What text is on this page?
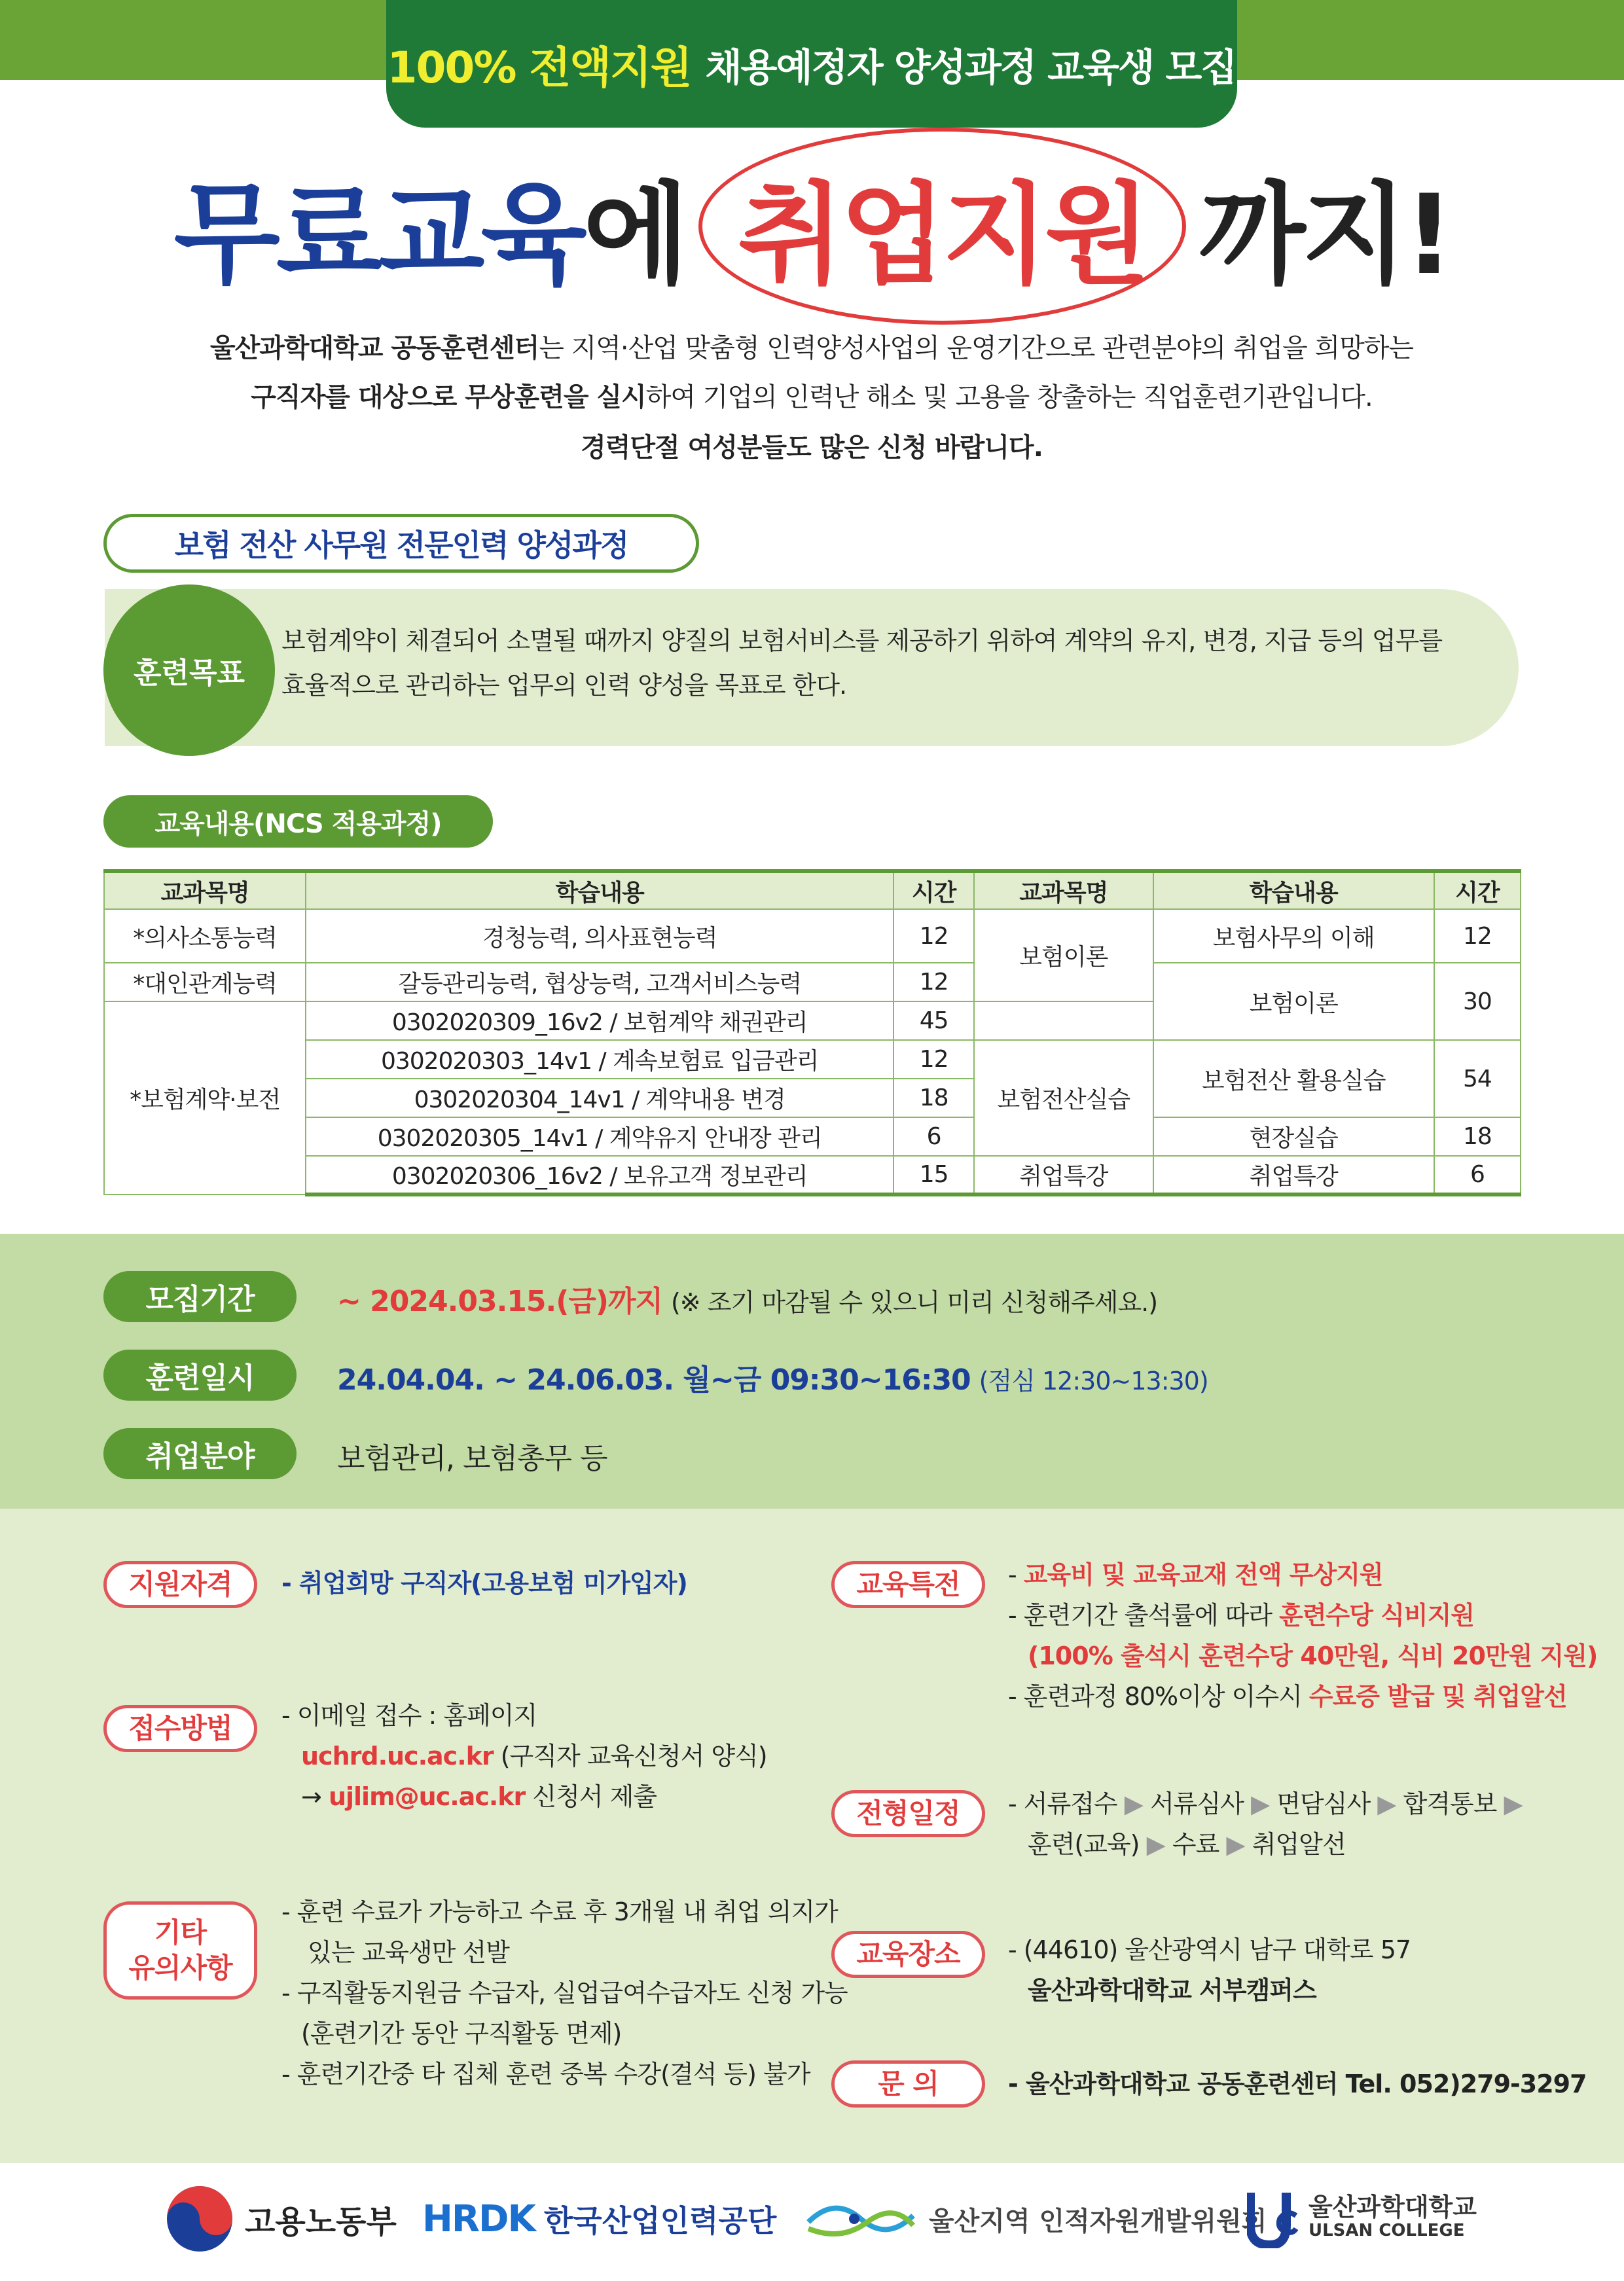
100% 전액지원 채용예정자 양성과정 교육생 모집
무료교육 에 취업지원 까지!
울산과학대학교 공동훈련센터는 지역·산업 맞춤형 인력양성사업의 운영기간으로 관련분야의 취업을 희망하는
구직자를 대상으로 무상훈련을 실시하여 기업의 인력난 해소 및 고용을 창출하는 직업훈련기관입니다.
경력단절 여성분들도 많은 신청 바랍니다.
보험 전산 사무원 전문인력 양성과정
훈련목표
보험계약이 체결되어 소멸될 때까지 양질의 보험서비스를 제공하기 위하여 계약의 유지, 변경, 지급 등의 업무를
효율적으로 관리하는 업무의 인력 양성을 목표로 한다.
교육내용(NCS 적용과정)
교과목명	학습내용	시간	교과목명	학습내용	시간
*의사소통능력	경청능력, 의사표현능력	12	보험이론	보험사무의 이해	12
*대인관계능력	갈등관리능력, 협상능력, 고객서비스능력	12		보험이론	30
*보험계약·보전	0302020309_16v2 / 보험계약 채권관리	45			
	0302020303_14v1 / 계속보험료 입금관리	12	보험전산실습	보험전산 활용실습	54
	0302020304_14v1 / 계약내용 변경	18			
	0302020305_14v1 / 계약유지 안내장 관리	6		현장실습	18
	0302020306_16v2 / 보유고객 정보관리	15	취업특강	취업특강	6
모집기간	~ 2024.03.15.(금)까지 (※ 조기 마감될 수 있으니 미리 신청해주세요.)
훈련일시	24.04.04. ~ 24.06.03. 월~금 09:30~16:30 (점심 12:30~13:30)
취업분야	보험관리, 보험총무 등
지원자격	- 취업희망 구직자(고용보험 미가입자)
접수방법	- 이메일 접수 : 홈페이지
uchrd.uc.ac.kr (구직자 교육신청서 양식)
→ ujlim@uc.ac.kr 신청서 제출
기타
유의사항
- 훈련 수료가 가능하고 수료 후 3개월 내 취업 의지가
있는 교육생만 선발
- 구직활동지원금 수급자, 실업급여수급자도 신청 가능
(훈련기간 동안 구직활동 면제)
- 훈련기간중 타 집체 훈련 중복 수강(결석 등) 불가
교육특전	- 교육비 및 교육교재 전액 무상지원
- 훈련기간 출석률에 따라 훈련수당 식비지원
(100% 출석시 훈련수당 40만원, 식비 20만원 지원)
- 훈련과정 80%이상 이수시 수료증 발급 및 취업알선
전형일정	- 서류접수 ▶ 서류심사 ▶ 면담심사 ▶ 합격통보 ▶
훈련(교육) ▶ 수료 ▶ 취업알선
교육장소	- (44610) 울산광역시 남구 대학로 57
울산과학대학교 서부캠퍼스
문 의	- 울산과학대학교 공동훈련센터 Tel. 052)279-3297
고용노동부 HRDK 한국산업인력공단	울산지역 인적자원개발위원회 울산과학대학교
ULSAN COLLEGE
